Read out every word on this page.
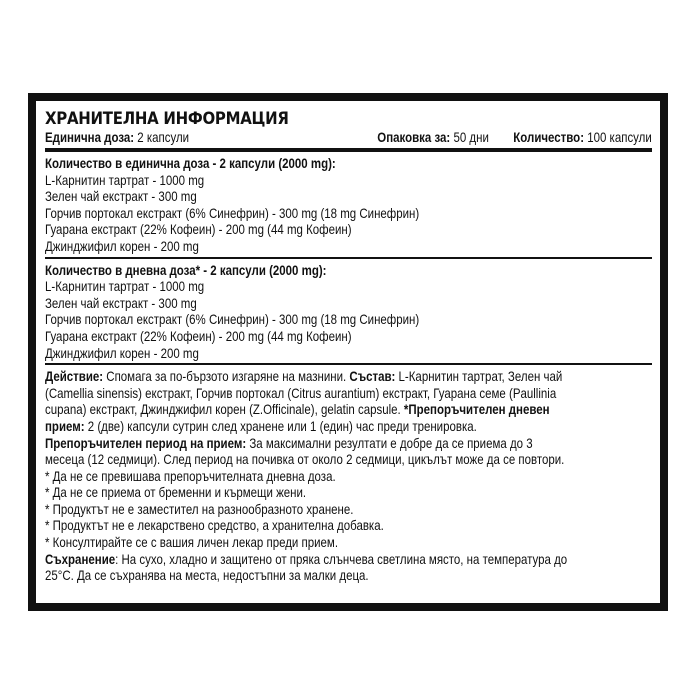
ХРАНИТЕЛНА ИНФОРМАЦИЯ
Единична доза: 2 капсули	Опаковка за: 50 дни Количество: 100 капсули
Количество в единична доза - 2 капсули (2000 mg):
L-Карнитин тартрат - 1000 mg
Зелен чай екстракт - 300 mg
Горчив портокал екстракт (6% Синефрин) - 300 mg (18 mg Синефрин)
Гуарана екстракт (22% Кофеин) - 200 mg (44 mg Кофеин)
Джинджифил корен - 200 mg
Количество в дневна доза* - 2 капсули (2000 mg):
L-Карнитин тартрат - 1000 mg
Зелен чай екстракт - 300 mg
Горчив портокал екстракт (6% Синефрин) - 300 mg (18 mg Синефрин)
Гуарана екстракт (22% Кофеин) - 200 mg (44 mg Кофеин)
Джинджифил корен - 200 mg
Действие: Спомага за по-бързото изгаряне на мазнини. Състав: L-Карнитин тартрат, Зелен чай
(Camellia sinensis) екстракт, Горчив портокал (Citrus aurantium) екстракт, Гуарана семе (Paullinia
cupana) екстракт, Джинджифил корен (Z.Officinale), gelatin capsule. *Препоръчителен дневен
прием: 2 (две) капсули сутрин след хранене или 1 (един) час преди тренировка.
Препоръчителен период на прием: За максимални резултати е добре да се приема до 3
месеца (12 седмици). След период на почивка от около 2 седмици, цикълът може да се повтори.
* Да не се превишава препоръчителната дневна доза.
* Да не се приема от бременни и кърмещи жени.
* Продуктът не е заместител на разнообразното хранене.
* Продуктът не е лекарствено средство, а хранителна добавка.
* Консултирайте се с вашия личен лекар преди прием.
Съхранение: На сухо, хладно и защитено от пряка слънчева светлина място, на температура до
25°C. Да се съхранява на места, недостъпни за малки деца.
